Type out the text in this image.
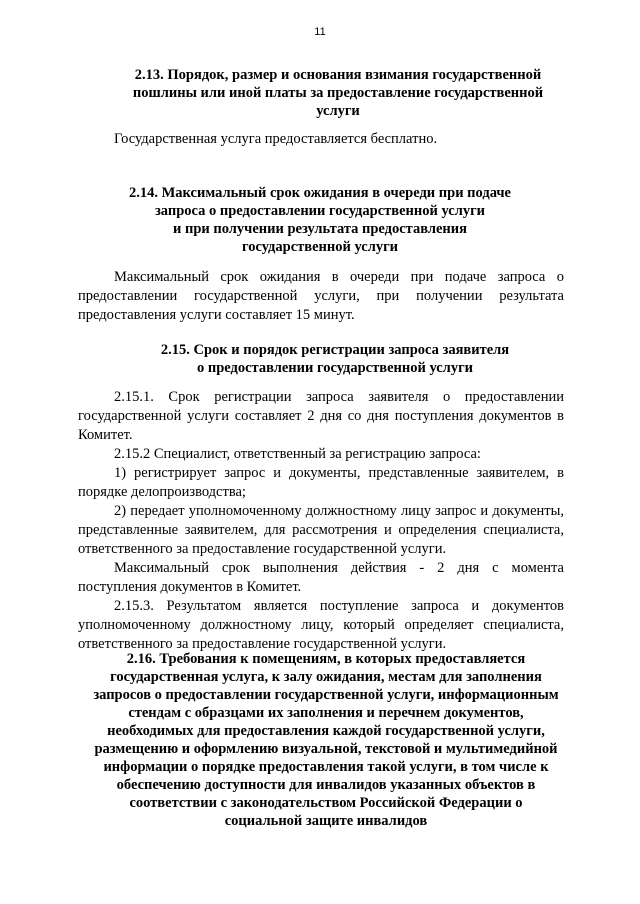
11
2.13. Порядок, размер и основания взимания государственной пошлины или иной платы за предоставление государственной услуги

Государственная услуга предоставляется бесплатно.

2.14. Максимальный срок ожидания в очереди при подаче
запроса о предоставлении государственной услуги
и при получении результата предоставления
государственной услуги

Максимальный срок ожидания в очереди при подаче запроса о предоставлении государственной услуги, при получении результата предоставления услуги составляет 15 минут.

2.15. Срок и порядок регистрации запроса заявителя
о предоставлении государственной услуги

2.15.1. Срок регистрации запроса заявителя о предоставлении государственной услуги составляет 2 дня со дня поступления документов в Комитет.

2.15.2 Специалист, ответственный за регистрацию запроса:

1) регистрирует запрос и документы, представленные заявителем, в порядке делопроизводства;

2) передает уполномоченному должностному лицу запрос и документы, представленные заявителем, для рассмотрения и определения специалиста, ответственного за предоставление государственной услуги.

Максимальный срок выполнения действия - 2 дня с момента поступления документов в Комитет.

2.15.3. Результатом является поступление запроса и документов уполномоченному должностному лицу, который определяет специалиста, ответственного за предоставление государственной услуги.

2.16. Требования к помещениям, в которых предоставляется
государственная услуга, к залу ожидания, местам для заполнения
запросов о предоставлении государственной услуги, информационным
стендам с образцами их заполнения и перечнем документов,
необходимых для предоставления каждой государственной услуги,
размещению и оформлению визуальной, текстовой и мультимедийной
информации о порядке предоставления такой услуги, в том числе к
обеспечению доступности для инвалидов указанных объектов в
соответствии с законодательством Российской Федерации о
социальной защите инвалидов
